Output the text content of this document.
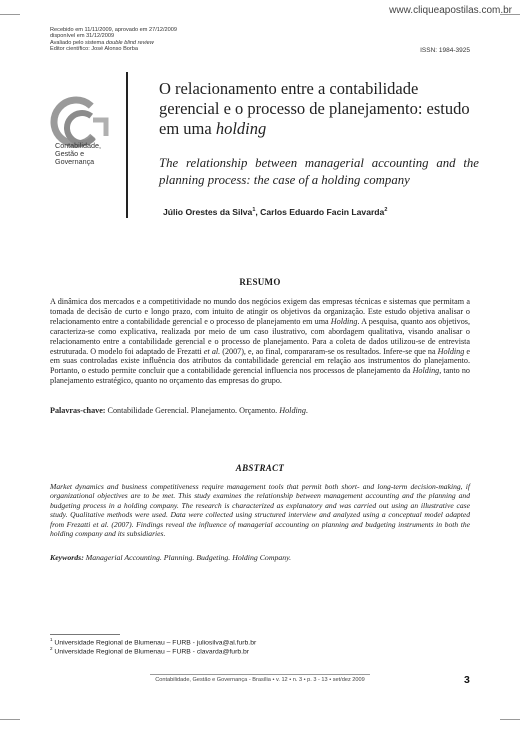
www.cliqueapostilas.com.br
Recebido em 11/11/2009, aprovado em 27/12/2009
disponível em 31/12/2009
Avaliado pelo sistema double blind review
Editor científico: José Alonso Borba	ISSN: 1984-3925
Contabilidade,
Gestão e
Governança
O relacionamento entre a contabilidade gerencial e o processo de planejamento: estudo em uma holding
The relationship between managerial accounting and the planning process: the case of a holding company
Júlio Orestes da Silva$^1$, Carlos Eduardo Facin Lavarda$^2$
RESUMO
A dinâmica dos mercados e a competitividade no mundo dos negócios exigem das empresas técnicas e sistemas que permitam a tomada de decisão de curto e longo prazo, com intuito de atingir os objetivos da organização. Este estudo objetiva analisar o relacionamento entre a contabilidade gerencial e o processo de planejamento em uma Holding. A pesquisa, quanto aos objetivos, caracteriza-se como explicativa, realizada por meio de um caso ilustrativo, com abordagem qualitativa, visando analisar o relacionamento entre a contabilidade gerencial e o processo de planejamento. Para a coleta de dados utilizou-se de entrevista estruturada. O modelo foi adaptado de Frezatti et al. (2007), e, ao final, compararam-se os resultados. Infere-se que na Holding e em suas controladas existe influência dos atributos da contabilidade gerencial em relação aos instrumentos do planejamento. Portanto, o estudo permite concluir que a contabilidade gerencial influencia nos processos de planejamento da Holding, tanto no planejamento estratégico, quanto no orçamento das empresas do grupo.
Palavras-chave: Contabilidade Gerencial. Planejamento. Orçamento. Holding.
ABSTRACT
Market dynamics and business competitiveness require management tools that permit both short- and long-term decision-making, if organizational objectives are to be met. This study examines the relationship between management accounting and the planning and budgeting process in a holding company. The research is characterized as explanatory and was carried out using an illustrative case study. Qualitative methods were used. Data were collected using structured interview and analyzed using a conceptual model adapted from Frezatti et al. (2007). Findings reveal the influence of managerial accounting on planning and budgeting instruments in both the holding company and its subsidiaries.
Keywords: Managerial Accounting. Planning. Budgeting. Holding Company.
$^1$ Universidade Regional de Blumenau – FURB - juliosilva@al.furb.br
$^2$ Universidade Regional de Blumenau – FURB - clavarda@furb.br
Contabilidade, Gestão e Governança - Brasília • v. 12 • n. 3 • p. 3 - 13 • set/dez 2009	3
